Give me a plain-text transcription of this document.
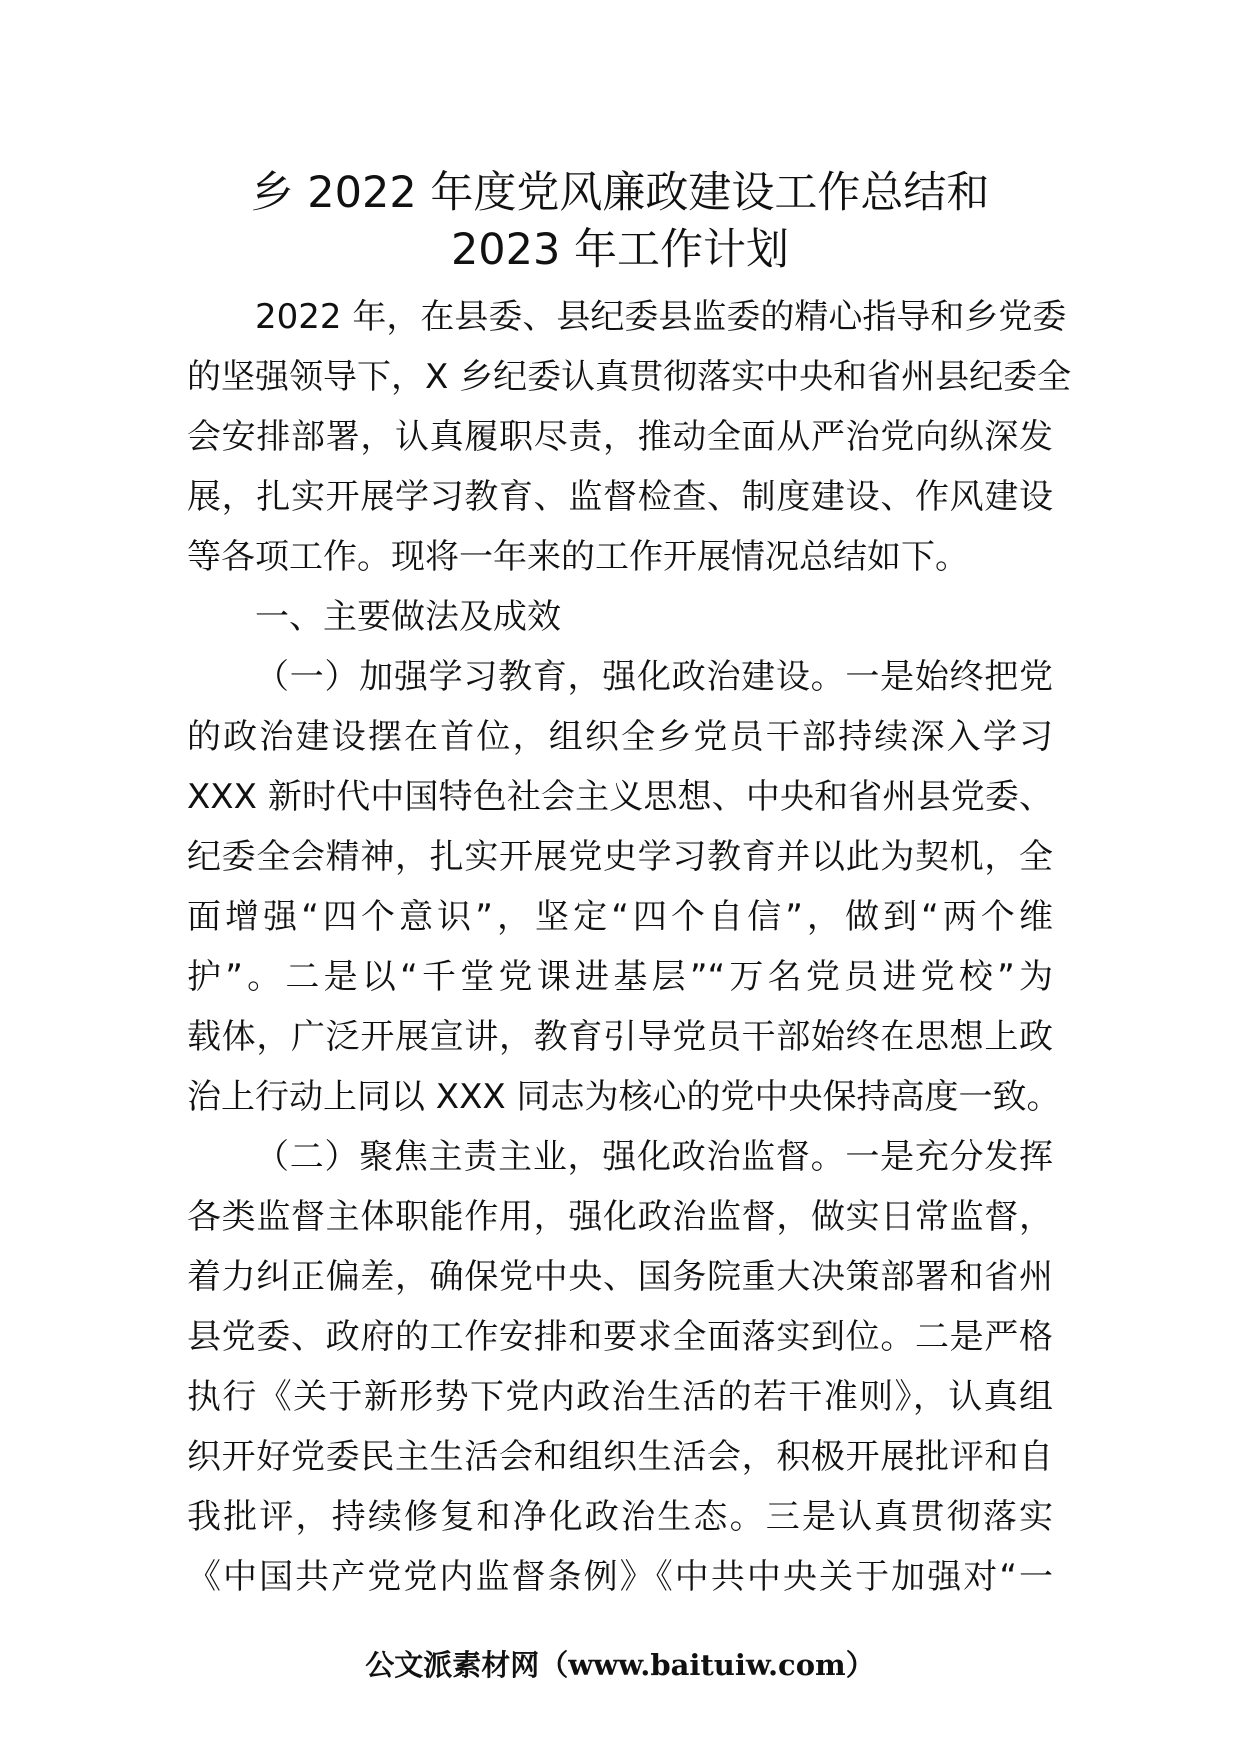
乡 2022 年度党风廉政建设工作总结和
2023 年工作计划
2022 年，在县委、县纪委县监委的精心指导和乡党委
的坚强领导下，X 乡纪委认真贯彻落实中央和省州县纪委全
会安排部署，认真履职尽责，推动全面从严治党向纵深发
展，扎实开展学习教育、监督检查、制度建设、作风建设
等各项工作。现将一年来的工作开展情况总结如下。
一、主要做法及成效
（一）加强学习教育，强化政治建设。一是始终把党
的政治建设摆在首位，组织全乡党员干部持续深入学习
XXX 新时代中国特色社会主义思想、中央和省州县党委、
纪委全会精神，扎实开展党史学习教育并以此为契机，全
面增强“四个意识”，坚定“四个自信”，做到“两个维
护”。二是以“千堂党课进基层”“万名党员进党校”为
载体，广泛开展宣讲，教育引导党员干部始终在思想上政
治上行动上同以 XXX 同志为核心的党中央保持高度一致。
（二）聚焦主责主业，强化政治监督。一是充分发挥
各类监督主体职能作用，强化政治监督，做实日常监督，
着力纠正偏差，确保党中央、国务院重大决策部署和省州
县党委、政府的工作安排和要求全面落实到位。二是严格
执行《关于新形势下党内政治生活的若干准则》，认真组
织开好党委民主生活会和组织生活会，积极开展批评和自
我批评，持续修复和净化政治生态。三是认真贯彻落实
《中国共产党党内监督条例》《中共中央关于加强对“一
公文派素材网（www.baituiw.com）
